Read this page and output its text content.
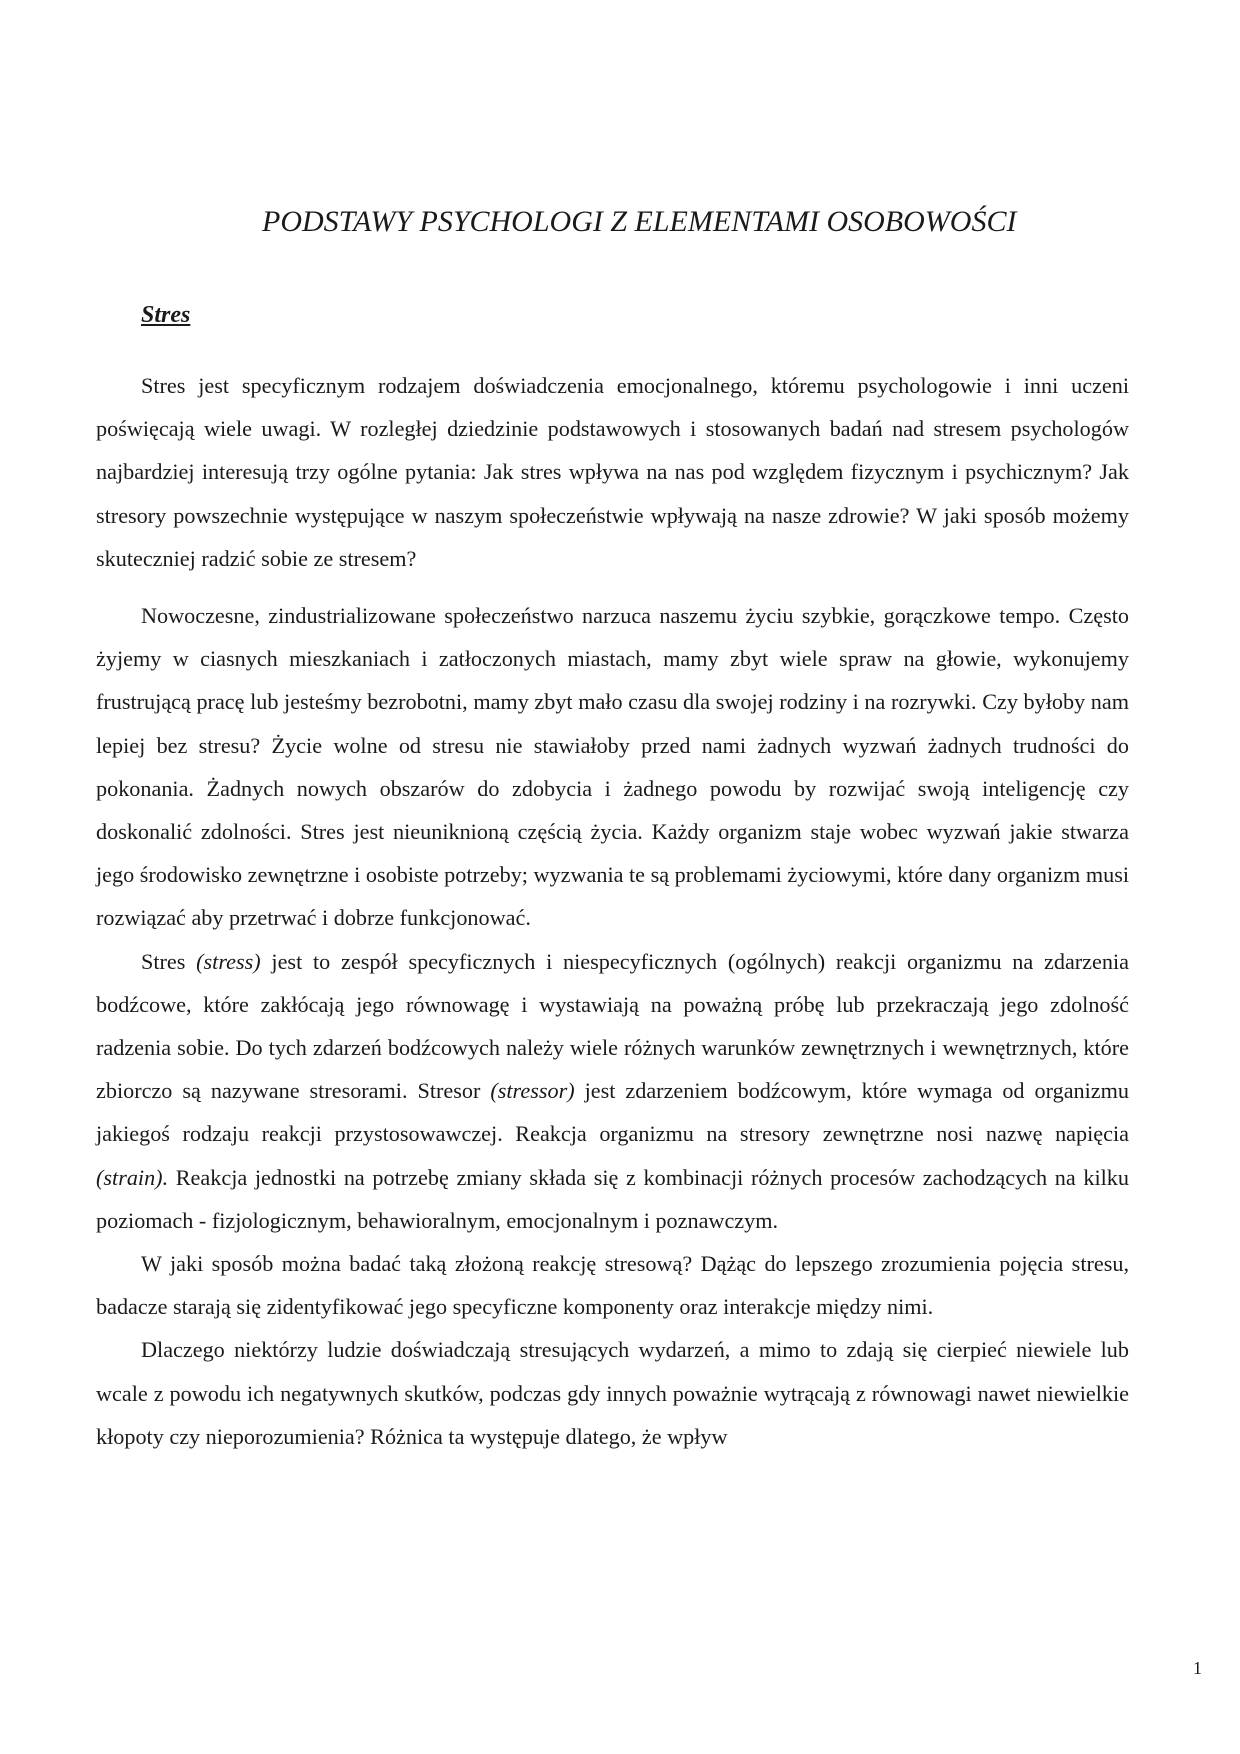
PODSTAWY PSYCHOLOGI Z ELEMENTAMI OSOBOWOŚCI
Stres

Stres jest specyficznym rodzajem doświadczenia emocjonalnego, któremu psychologowie i inni uczeni poświęcają wiele uwagi. W rozległej dziedzinie podstawowych i stosowanych badań nad stresem psychologów najbardziej interesują trzy ogólne pytania: Jak stres wpływa na nas pod względem fizycznym i psychicznym? Jak stresory powszechnie występujące w naszym społeczeństwie wpływają na nasze zdrowie? W jaki sposób możemy skuteczniej radzić sobie ze stresem?

Nowoczesne, zindustrializowane społeczeństwo narzuca naszemu życiu szybkie, gorączkowe tempo. Często żyjemy w ciasnych mieszkaniach i zatłoczonych miastach, mamy zbyt wiele spraw na głowie, wykonujemy frustrującą pracę lub jesteśmy bezrobotni, mamy zbyt mało czasu dla swojej rodziny i na rozrywki. Czy byłoby nam lepiej bez stresu? Życie wolne od stresu nie stawiałoby przed nami żadnych wyzwań żadnych trudności do pokonania. Żadnych nowych obszarów do zdobycia i żadnego powodu by rozwijać swoją inteligencję czy doskonalić zdolności. Stres jest nieuniknioną częścią życia. Każdy organizm staje wobec wyzwań jakie stwarza jego środowisko zewnętrzne i osobiste potrzeby; wyzwania te są problemami życiowymi, które dany organizm musi rozwiązać aby przetrwać i dobrze funkcjonować.

Stres (stress) jest to zespół specyficznych i niespecyficznych (ogólnych) reakcji organizmu na zdarzenia bodźcowe, które zakłócają jego równowagę i wystawiają na poważną próbę lub przekraczają jego zdolność radzenia sobie. Do tych zdarzeń bodźcowych należy wiele różnych warunków zewnętrznych i wewnętrznych, które zbiorczo są nazywane stresorami. Stresor (stressor) jest zdarzeniem bodźcowym, które wymaga od organizmu jakiegoś rodzaju reakcji przystosowawczej. Reakcja organizmu na stresory zewnętrzne nosi nazwę napięcia (strain). Reakcja jednostki na potrzebę zmiany składa się z kombinacji różnych procesów zachodzących na kilku poziomach - fizjologicznym, behawioralnym, emocjonalnym i poznawczym.

W jaki sposób można badać taką złożoną reakcję stresową? Dążąc do lepszego zrozumienia pojęcia stresu, badacze starają się zidentyfikować jego specyficzne komponenty oraz interakcje między nimi.

Dlaczego niektórzy ludzie doświadczają stresujących wydarzeń, a mimo to zdają się cierpieć niewiele lub wcale z powodu ich negatywnych skutków, podczas gdy innych poważnie wytrącają z równowagi nawet niewielkie kłopoty czy nieporozumienia? Różnica ta występuje dlatego, że wpływ

1
